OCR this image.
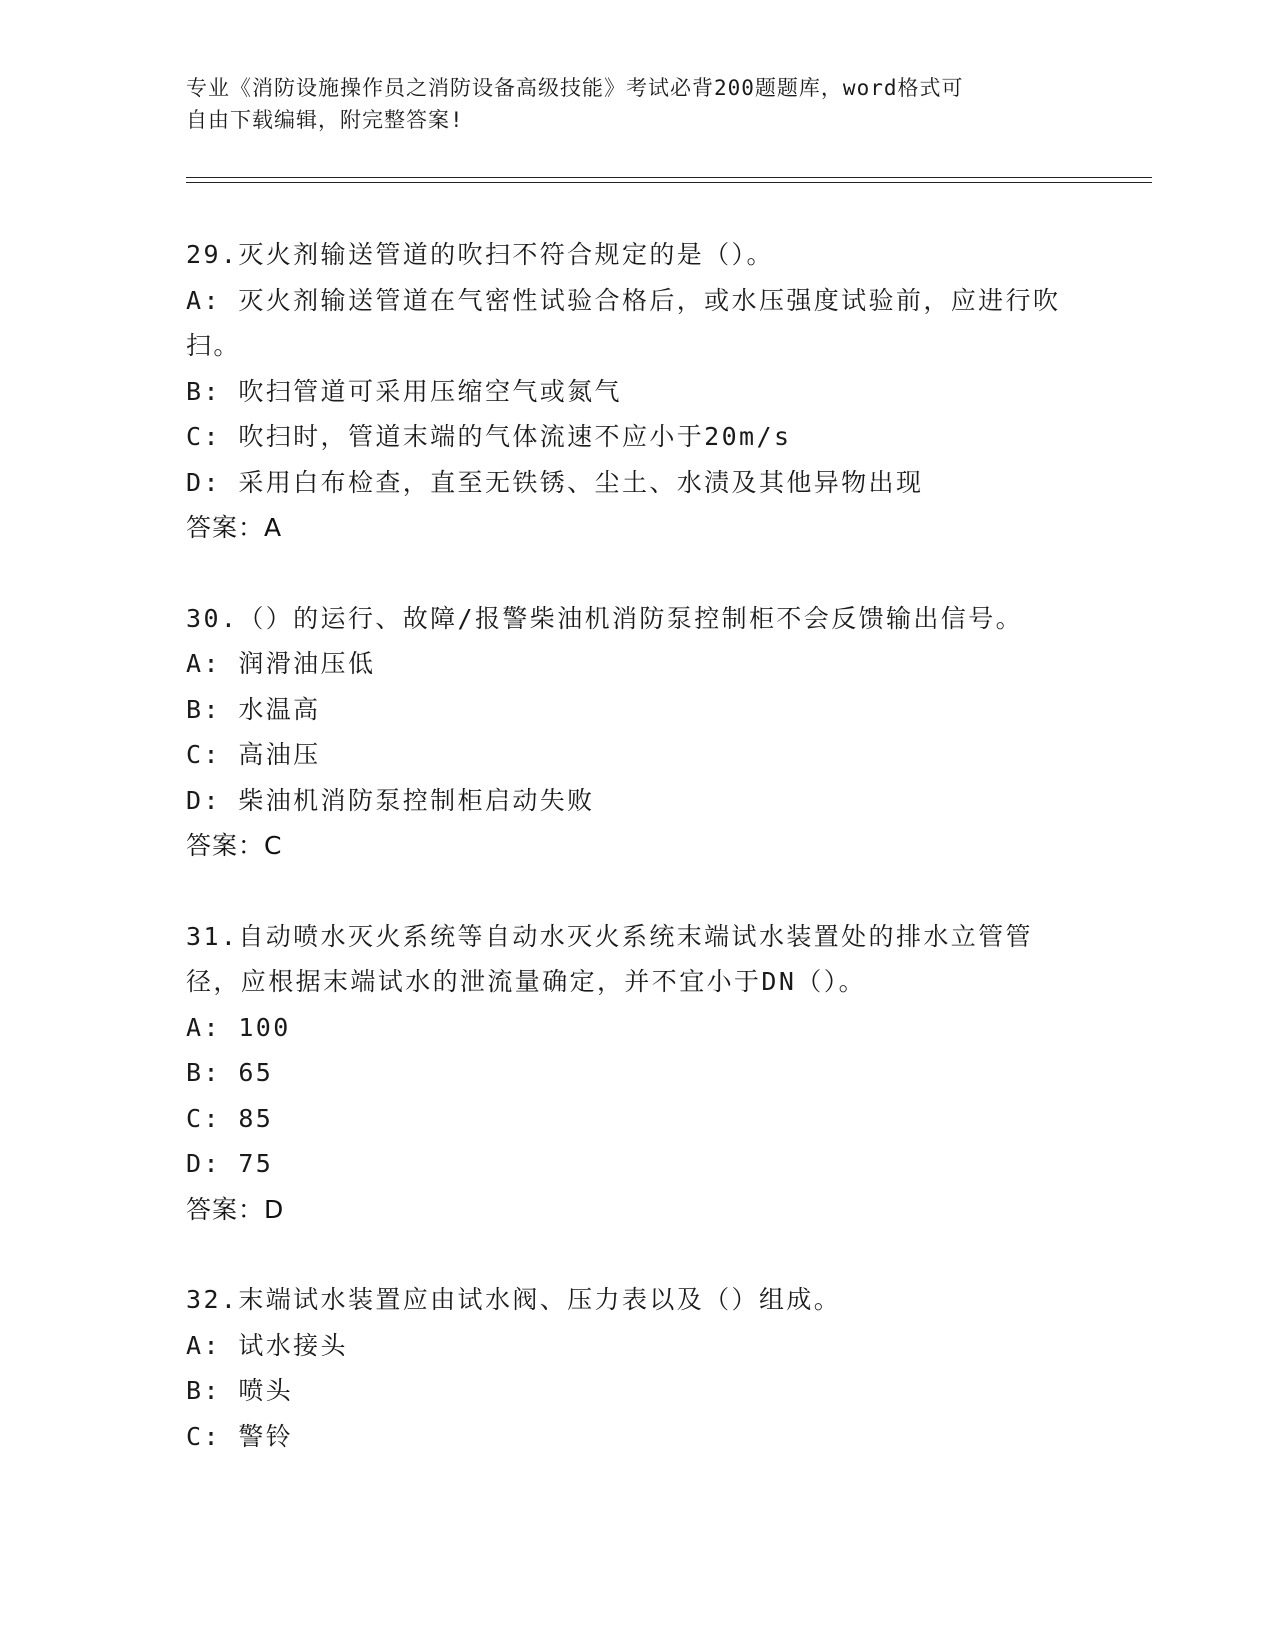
专业《消防设施操作员之消防设备高级技能》考试必背200题题库，word格式可
自由下载编辑，附完整答案!
29.灭火剂输送管道的吹扫不符合规定的是（）。
A: 灭火剂输送管道在气密性试验合格后，或水压强度试验前，应进行吹扫。
B: 吹扫管道可采用压缩空气或氮气
C: 吹扫时，管道末端的气体流速不应小于20m/s
D: 采用白布检查，直至无铁锈、尘土、水渍及其他异物出现
答案：A
30.（）的运行、故障/报警柴油机消防泵控制柜不会反馈输出信号。
A: 润滑油压低
B: 水温高
C: 高油压
D: 柴油机消防泵控制柜启动失败
答案：C
31.自动喷水灭火系统等自动水灭火系统末端试水装置处的排水立管管径，应根据末端试水的泄流量确定，并不宜小于DN（）。
A: 100
B: 65
C: 85
D: 75
答案：D
32.末端试水装置应由试水阀、压力表以及（）组成。
A: 试水接头
B: 喷头
C: 警铃
